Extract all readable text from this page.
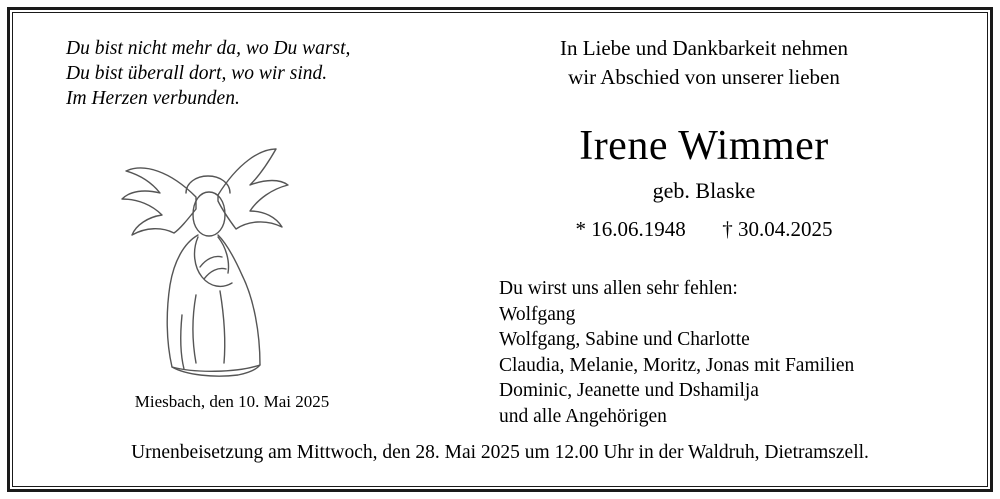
Du bist nicht mehr da, wo Du warst,
Du bist überall dort, wo wir sind.
Im Herzen verbunden.
Miesbach, den 10. Mai 2025
In Liebe und Dankbarkeit nehmen
wir Abschied von unserer lieben
Irene Wimmer
geb. Blaske
* 16.06.1948 † 30.04.2025
Du wirst uns allen sehr fehlen:
Wolfgang
Wolfgang, Sabine und Charlotte
Claudia, Melanie, Moritz, Jonas mit Familien
Dominic, Jeanette und Dshamilja
und alle Angehörigen
Urnenbeisetzung am Mittwoch, den 28. Mai 2025 um 12.00 Uhr in der Waldruh, Dietramszell.
